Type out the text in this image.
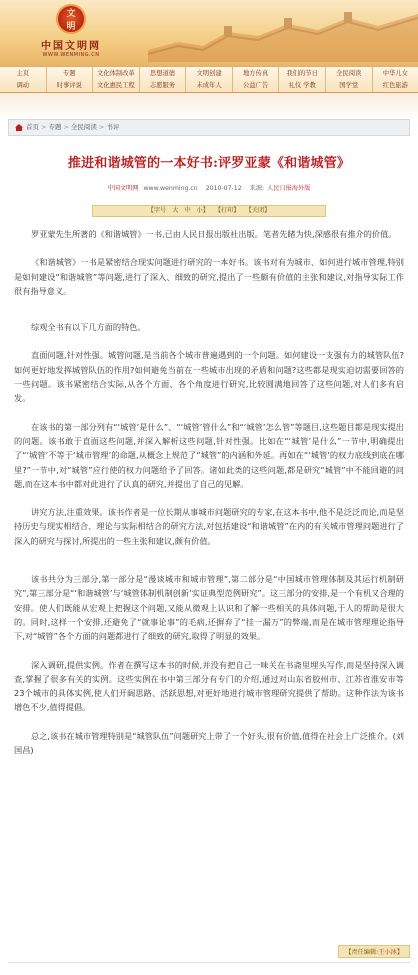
文明
中国文明网
WWW.WENMING.CN
主页
调动
专题
时事评说
文化体制改革
文化惠民工程
思想道德
志愿服务
文明创建
未成年人
地方传真
公益广告
我们的节日
礼仪 学教
全民阅读
国学堂
中华儿女
红色旅游
首页 > 专题 > 全民阅读 > 书评
推进和谐城管的一本好书:评罗亚蒙《和谐城管》
中国文明网 www.wenming.cn 2010-07-12 来源: 人民日报海外版
【字号 大 中 小】 【打印】 【关闭】

罗亚蒙先生所著的《和谐城管》一书,已由人民日报出版社出版。笔者先睹为快,深感很有推介的价值。

《和谐城管》一书是紧密结合现实问题进行研究的一本好书。该书对有为城市、如何进行城市管理,特别是如何建设“和谐城管”等问题,进行了深入、细致的研究,提出了一些颇有价值的主张和建议,对指导实际工作很有指导意义。

综观全书有以下几方面的特色。

直面问题,针对性强。城管问题,是当前各个城市普遍遇到的一个问题。如何建设一支强有力的城管队伍?如何更好地发挥城管队伍的作用?如何避免当前在一些城市出现的矛盾和问题?这些都是现实迫切需要回答的一些问题。该书紧密结合实际,从各个方面、各个角度进行研究,比较圆满地回答了这些问题,对人们多有启发。

在该书的第一部分列有“‘城管’是什么”、“‘城管’管什么”和“‘城管’怎么管”等题目,这些题目都是现实提出的问题。该书敢于直面这些问题,并深入解析这些问题,针对性强。比如在“‘城管’是什么”一节中,明确提出了“‘城管’不等于‘城市管理’的命题,从概念上规范了“城管”的内涵和外延。再如在“‘城管’的权力底线到底在哪里?”一节中,对“城管”应行使的权力问题给予了回答。诸如此类的这些问题,都是研究“城管”中不能回避的问题,而在这本书中都对此进行了认真的研究,并提出了自己的见解。

讲究方法,注重效果。该书作者是一位长期从事城市问题研究的专家,在这本书中,他不是泛泛而论,而是坚持历史与现实相结合、理论与实际相结合的研究方法,对包括建设“和谐城管”在内的有关城市管理问题进行了深入的研究与探讨,所提出的一些主张和建议,颇有价值。

该书共分为三部分,第一部分是“漫谈城市和城市管理”,第二部分是“中国城市管理体制及其运行机制研究”,第三部分是“‘和谐城管’与‘城管体制机制创新’实证典型范例研究”。这三部分的安排,是一个有机又合理的安排。使人们既能从宏观上把握这个问题,又能从微观上认识和了解一些相关的具体问题,于人的帮助是很大的。同时,这样一个安排,还避免了“就事论事”的毛病,还摒弃了“挂一漏万”的弊端,而是在城市管理理论指导下,对“城管”各个方面的问题都进行了细致的研究,取得了明显的效果。

深入调研,提供实例。作者在撰写这本书的时候,并没有把自己一味关在书斋里埋头写作,而是坚持深入调查,掌握了很多有关的实例。这些实例在书中第三部分有专门的介绍,通过对山东省胶州市、江苏省淮安市等23个城市的具体实例,使人们开阔思路、活跃思想,对更好地进行城市管理研究提供了帮助。这种作法为该书增色不少,值得提倡。

总之,该书在城市管理特别是“城管队伍”问题研究上带了一个好头,很有价值,值得在社会上广泛推介。(刘国昌)

【责任编辑:王小沐】
